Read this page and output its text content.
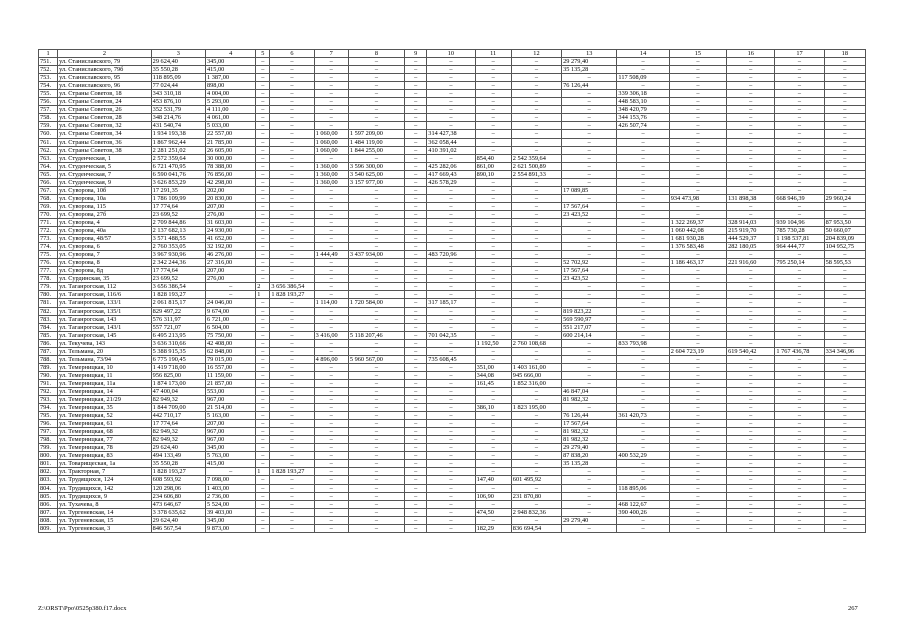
1	2	3	4	5	6	7	8	9	10	11	12	13	14	15	16	17	18
751.	ул. Станиславского, 79	29 624,40	345,00	–	–	–	–	–	–	–	–	29 279,40	–	–	–	–	–
752.	ул. Станиславского, 79б	35 550,28	415,00	–	–	–	–	–	–	–	–	35 135,28	–	–	–	–	–
753.	ул. Станиславского, 95	118 895,09	1 387,00	–	–	–	–	–	–	–	–	–	117 508,09	–	–	–	–
754.	ул. Станиславского, 96	77 024,44	898,00	–	–	–	–	–	–	–	–	76 126,44	–	–	–	–	–
755.	ул. Страны Советов, 18	343 310,18	4 004,00	–	–	–	–	–	–	–	–	–	339 306,18	–	–	–	–
756.	ул. Страны Советов, 24	453 876,10	5 293,00	–	–	–	–	–	–	–	–	–	448 583,10	–	–	–	–
757.	ул. Страны Советов, 26	352 531,79	4 111,00	–	–	–	–	–	–	–	–	–	348 420,79	–	–	–	–
758.	ул. Страны Советов, 28	348 214,76	4 061,00	–	–	–	–	–	–	–	–	–	344 153,76	–	–	–	–
759.	ул. Страны Советов, 32	431 540,74	5 033,00	–	–	–	–	–	–	–	–	–	426 507,74	–	–	–	–
760.	ул. Страны Советов, 34	1 934 193,38	22 557,00	–	–	1 060,00	1 597 209,00	–	314 427,38	–	–	–	–	–	–	–	–
761.	ул. Страны Советов, 36	1 867 962,44	21 785,00	–	–	1 060,00	1 484 119,00	–	362 058,44	–	–	–	–	–	–	–	–
762.	ул. Страны Советов, 38	2 281 251,02	26 605,00	–	–	1 060,00	1 844 255,00	–	410 391,02	–	–	–	–	–	–	–	–
763.	ул. Студенческая, 1	2 572 359,64	30 000,00	–	–	–	–	–	–	854,40	2 542 359,64	–	–	–	–	–	–
764.	ул. Студенческая, 5	6 721 470,95	78 388,00	–	–	1 360,00	3 596 300,00	–	425 282,06	861,00	2 621 500,89	–	–	–	–	–	–
765.	ул. Студенческая, 7	6 590 041,76	76 856,00	–	–	1 360,00	3 540 625,00	–	417 669,43	890,10	2 554 891,33	–	–	–	–	–	–
766.	ул. Студенческая, 9	3 626 853,29	42 298,00	–	–	1 360,00	3 157 977,00	–	426 578,29	–	–	–	–	–	–	–	–
767.	ул. Суворова, 10б	17 291,35	202,00	–	–	–	–	–	–	–	–	17 089,85	–	–	–	–	–
768.	ул. Суворова, 10а	1 786 109,99	20 830,00	–	–	–	–	–	–	–	–	–	–	934 473,98	131 898,38	668 946,39	29 960,24
769.	ул. Суворова, 115	17 774,64	207,00	–	–	–	–	–	–	–	–	17 567,64	–	–	–	–	–
770.	ул. Суворова, 27б	23 699,52	276,00	–	–	–	–	–	–	–	–	23 423,52	–	–	–	–	–
771.	ул. Суворова, 4	2 709 844,86	31 603,00	–	–	–	–	–	–	–	–	–	–	1 322 269,37	328 914,03	939 104,96	87 953,50
772.	ул. Суворова, 40а	2 137 682,13	24 930,00	–	–	–	–	–	–	–	–	–	–	1 060 442,08	215 919,70	785 730,28	50 660,07
773.	ул. Суворова, 48/57	3 571 488,55	41 652,00	–	–	–	–	–	–	–	–	–	–	1 681 930,28	444 529,37	1 198 537,81	204 839,09
774.	ул. Суворова, 6	2 760 353,05	32 192,00	–	–	–	–	–	–	–	–	–	–	1 376 583,48	282 180,05	964 444,77	104 952,75
775.	ул. Суворова, 7	3 967 930,96	46 276,00	–	–	1 444,49	3 437 934,00	–	483 720,96	–	–	–	–	–	–	–	–
776.	ул. Суворова, 8	2 342 244,36	27 316,00	–	–	–	–	–	–	–	–	52 702,92	–	1 186 463,17	221 916,60	795 250,14	58 595,53
777.	ул. Суворова, 8д	17 774,64	207,00	–	–	–	–	–	–	–	–	17 567,64	–	–	–	–	–
778.	ул. Сурдинская, 35	23 699,52	276,00	–	–	–	–	–	–	–	–	23 423,52	–	–	–	–	–
779.	ул. Таганрогская, 112	3 656 386,54	–	2	3 656 386,54	–	–	–	–	–	–	–	–	–	–	–	–
780.	ул. Таганрогская, 116/6	1 828 193,27	–	1	1 828 193,27	–	–	–	–	–	–	–	–	–	–	–	–
781.	ул. Таганрогская, 133/1	2 061 815,17	24 046,00	–	–	1 114,00	1 720 584,00	–	317 185,17	–	–	–	–	–	–	–	–
782.	ул. Таганрогская, 135/1	829 497,22	9 674,00	–	–	–	–	–	–	–	–	819 823,22	–	–	–	–	–
783.	ул. Таганрогская, 143	576 311,97	6 721,00	–	–	–	–	–	–	–	–	569 590,97	–	–	–	–	–
784.	ул. Таганрогская, 143/1	557 721,07	6 504,00	–	–	–	–	–	–	–	–	551 217,07	–	–	–	–	–
785.	ул. Таганрогская, 145	6 495 213,95	75 750,00	–	–	3 416,00	5 118 207,46	–	701 042,35	–	–	600 214,14	–	–	–	–	–
786.	ул. Текучева, 143	3 636 310,66	42 408,00	–	–	–	–	–	–	1 192,50	2 760 108,68	–	833 793,98	–	–	–	–
787.	ул. Тельмана, 20	5 388 915,35	62 848,00	–	–	–	–	–	–	–	–	–	–	2 604 723,19	619 540,42	1 767 436,78	334 346,96
788.	ул. Тельмана, 73/94	6 775 190,45	79 015,00	–	–	4 896,00	5 960 567,00	–	735 608,45	–	–	–	–	–	–	–	–
789.	ул. Темерницкая, 10	1 419 718,00	16 557,00	–	–	–	–	–	–	351,00	1 403 161,00	–	–	–	–	–	–
790.	ул. Темерницкая, 11	956 825,00	11 159,00	–	–	–	–	–	–	344,08	945 666,00	–	–	–	–	–	–
791.	ул. Темерницкая, 11а	1 874 173,00	21 857,00	–	–	–	–	–	–	161,45	1 852 316,00	–	–	–	–	–	–
792.	ул. Темерницкая, 14	47 400,04	553,00	–	–	–	–	–	–	–	–	46 847,04	–	–	–	–	–
793.	ул. Темерницкая, 21/29	82 949,32	967,00	–	–	–	–	–	–	–	–	81 982,32	–	–	–	–	–
794.	ул. Темерницкая, 35	1 844 709,00	21 514,00	–	–	–	–	–	–	386,10	1 823 195,00	–	–	–	–	–	–
795.	ул. Темерницкая, 52	442 710,17	5 163,00	–	–	–	–	–	–	–	–	76 126,44	361 420,73	–	–	–	–
796.	ул. Темерницкая, 61	17 774,64	207,00	–	–	–	–	–	–	–	–	17 567,64	–	–	–	–	–
797.	ул. Темерницкая, 68	82 949,32	967,00	–	–	–	–	–	–	–	–	81 982,32	–	–	–	–	–
798.	ул. Темерницкая, 77	82 949,32	967,00	–	–	–	–	–	–	–	–	81 982,32	–	–	–	–	–
799.	ул. Темерницкая, 78	29 624,40	345,00	–	–	–	–	–	–	–	–	29 279,40	–	–	–	–	–
800.	ул. Темерницкая, 83	494 133,49	5 763,00	–	–	–	–	–	–	–	–	87 838,20	400 532,29	–	–	–	–
801.	ул. Товарищеская, 1а	35 550,28	415,00	–	–	–	–	–	–	–	–	35 135,28	–	–	–	–	–
802.	ул. Тракторная, 7	1 828 193,27	–	1	1 828 193,27	–	–	–	–	–	–	–	–	–	–	–	–
803.	ул. Трудящихся, 124	608 593,92	7 098,00	–	–	–	–	–	–	147,40	601 495,92	–	–	–	–	–	–
804.	ул. Трудящихся, 142	120 298,06	1 403,00	–	–	–	–	–	–	–	–	–	118 895,06	–	–	–	–
805.	ул. Трудящихся, 9	234 606,80	2 736,00	–	–	–	–	–	–	106,90	231 870,80	–	–	–	–	–	–
806.	ул. Тухачева, 8	473 646,67	5 524,00	–	–	–	–	–	–	–	–	–	468 122,67	–	–	–	–
807.	ул. Тургеневская, 14	3 378 635,62	39 403,00	–	–	–	–	–	–	474,50	2 948 832,36	–	390 400,26	–	–	–	–
808.	ул. Тургеневская, 15	29 624,40	345,00	–	–	–	–	–	–	–	–	29 279,40	–	–	–	–	–
809.	ул. Тургеневская, 3	846 567,54	9 873,00	–	–	–	–	–	–	182,29	836 694,54	–	–	–	–	–	–
Z:\ORST\Ppo\0525p380.f17.docx	267
